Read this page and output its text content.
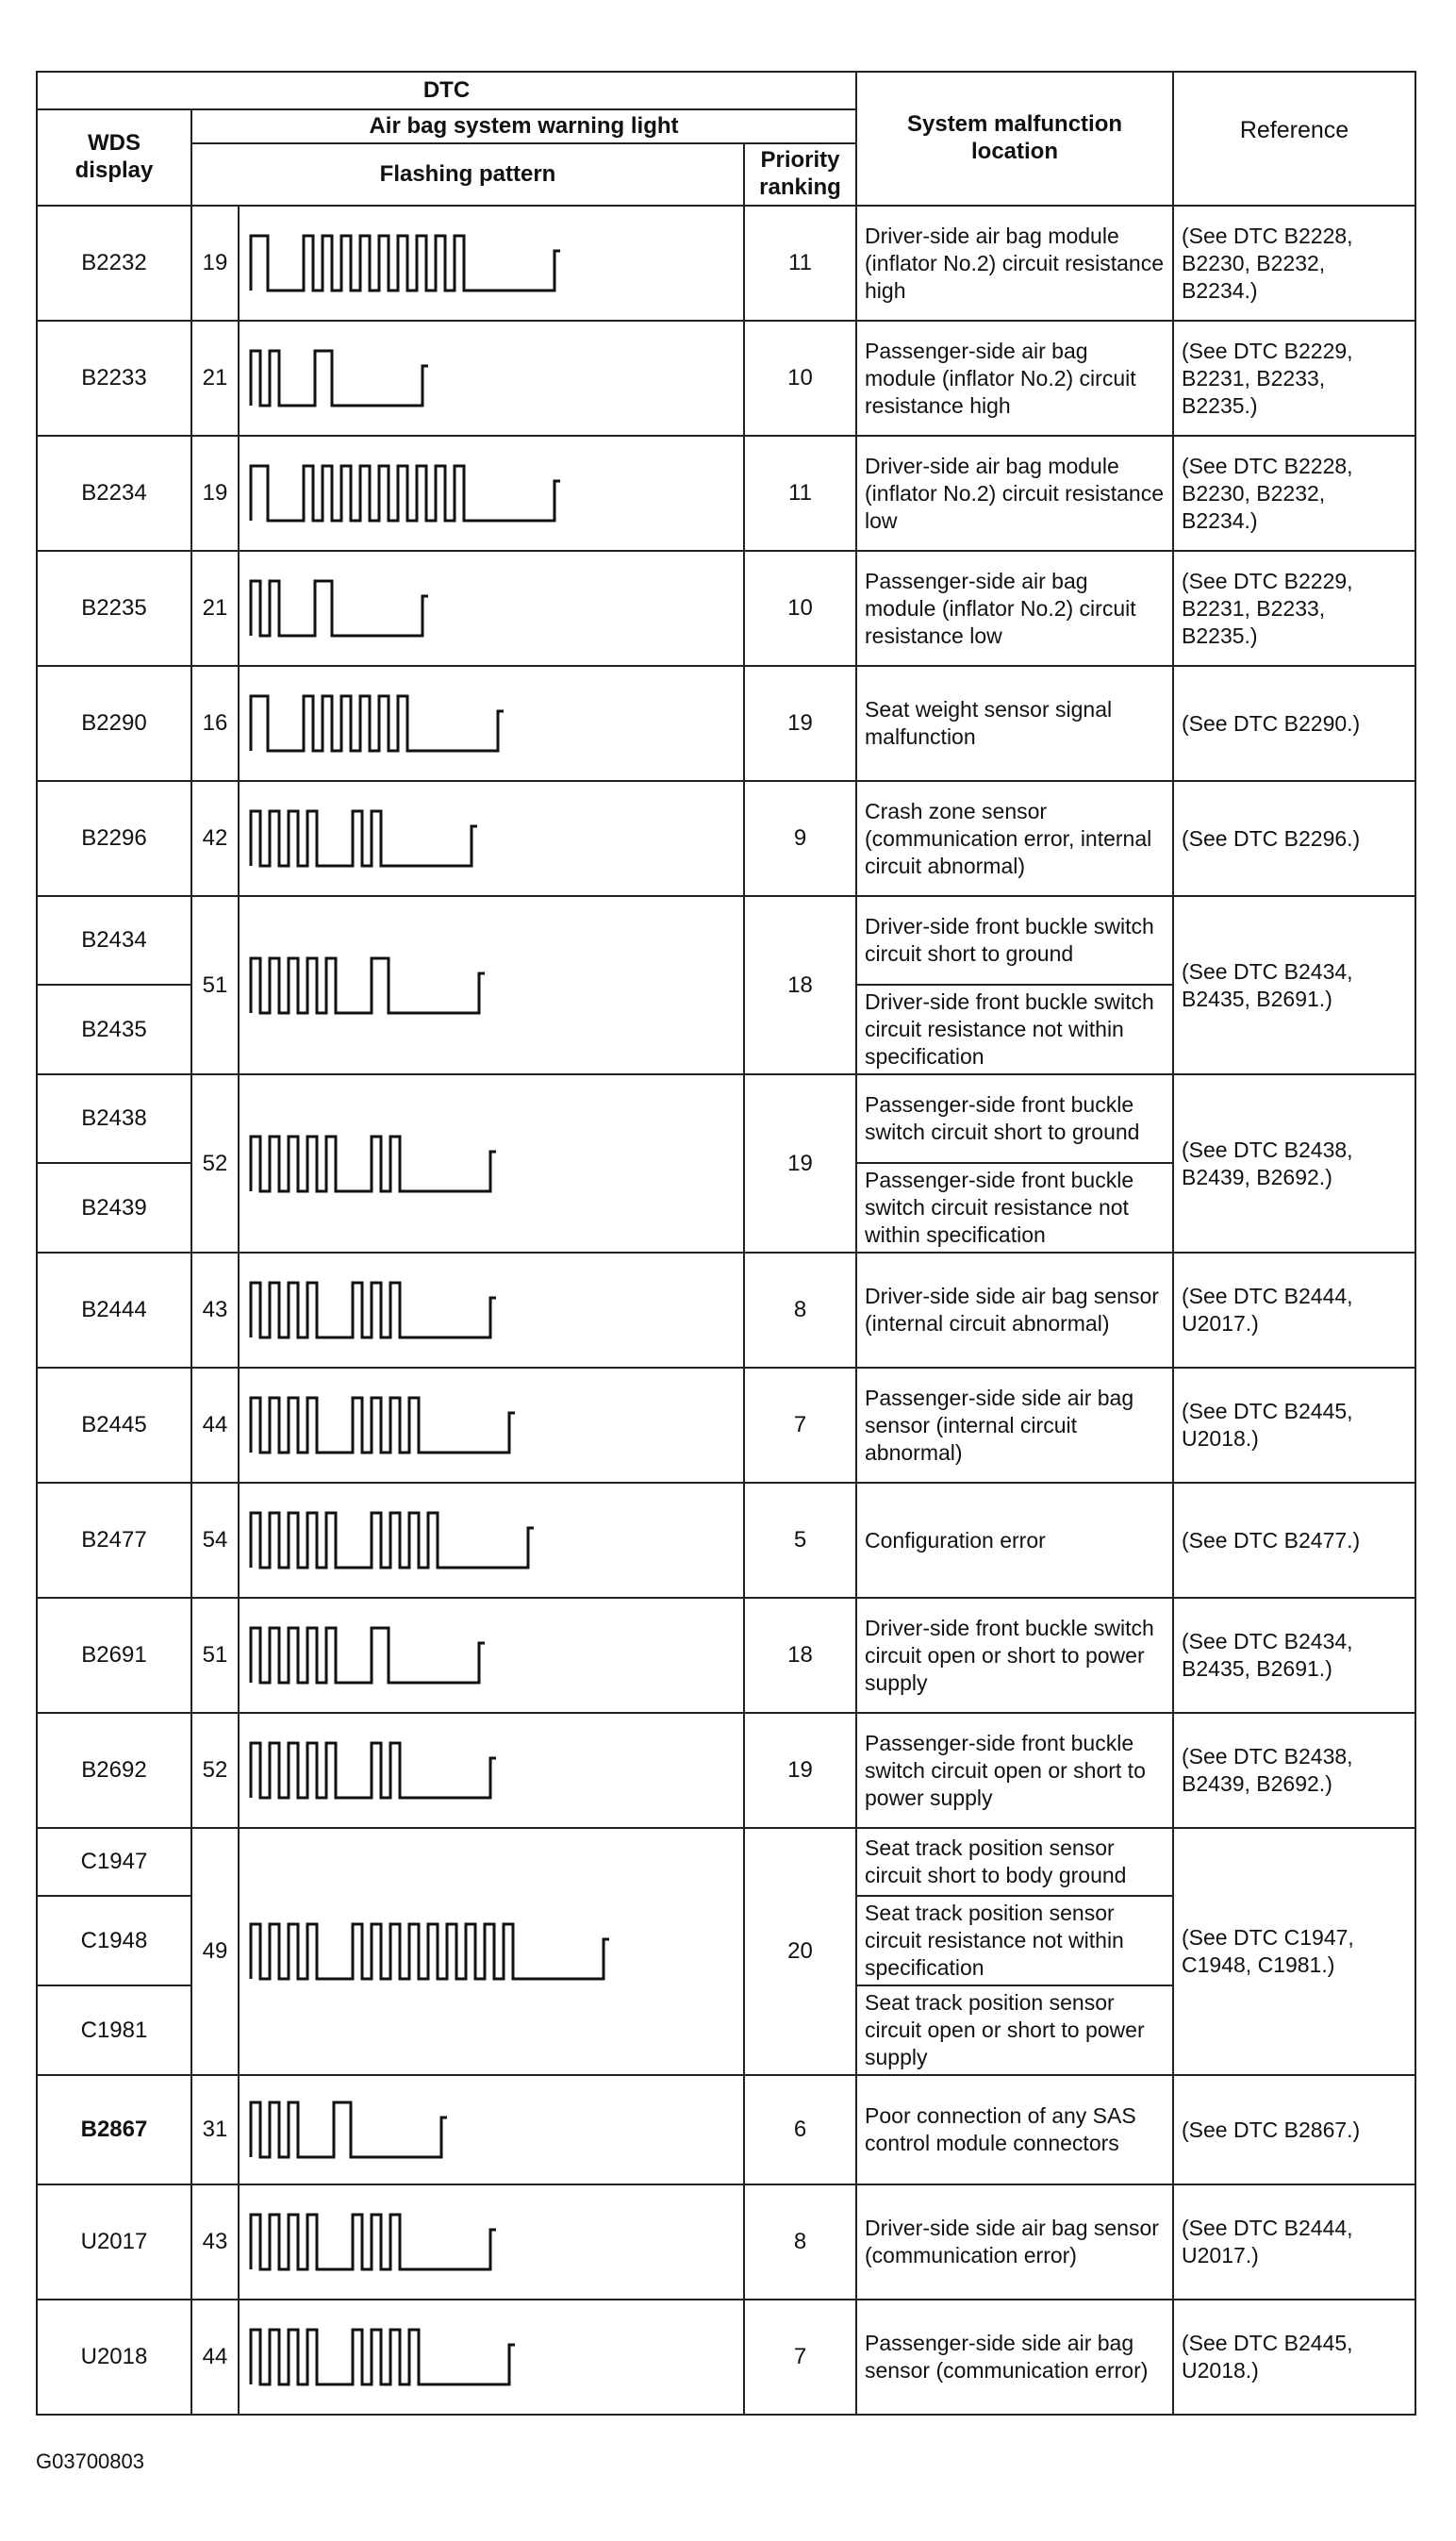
DTC				System malfunction location	Reference
WDS display	Air bag system warning light				
	Flashing pattern		Priority ranking		
B2232	19		11	Driver-side air bag module (inflator No.2) circuit resistance high	(See DTC B2228, B2230, B2232, B2234.)
B2233	21		10	Passenger-side air bag module (inflator No.2) circuit resistance high	(See DTC B2229, B2231, B2233, B2235.)
B2234	19		11	Driver-side air bag module (inflator No.2) circuit resistance low	(See DTC B2228, B2230, B2232, B2234.)
B2235	21		10	Passenger-side air bag module (inflator No.2) circuit resistance low	(See DTC B2229, B2231, B2233, B2235.)
B2290	16		19	Seat weight sensor signal malfunction	(See DTC B2290.)
B2296	42		9	Crash zone sensor (communication error, internal circuit abnormal)	(See DTC B2296.)
B2434	51		18	Driver-side front buckle switch circuit short to ground	(See DTC B2434, B2435, B2691.)
B2435				Driver-side front buckle switch circuit resistance not within specification	
B2438	52		19	Passenger-side front buckle switch circuit short to ground	(See DTC B2438, B2439, B2692.)
B2439				Passenger-side front buckle switch circuit resistance not within specification	
B2444	43		8	Driver-side side air bag sensor (internal circuit abnormal)	(See DTC B2444, U2017.)
B2445	44		7	Passenger-side side air bag sensor (internal circuit abnormal)	(See DTC B2445, U2018.)
B2477	54		5	Configuration error	(See DTC B2477.)
B2691	51		18	Driver-side front buckle switch circuit open or short to power supply	(See DTC B2434, B2435, B2691.)
B2692	52		19	Passenger-side front buckle switch circuit open or short to power supply	(See DTC B2438, B2439, B2692.)
C1947	49		20	Seat track position sensor circuit short to body ground	(See DTC C1947, C1948, C1981.)
C1948				Seat track position sensor circuit resistance not within specification	
C1981				Seat track position sensor circuit open or short to power supply	
B2867	31		6	Poor connection of any SAS control module connectors	(See DTC B2867.)
U2017	43		8	Driver-side side air bag sensor (communication error)	(See DTC B2444, U2017.)
U2018	44		7	Passenger-side side air bag sensor (communication error)	(See DTC B2445, U2018.)
G03700803
